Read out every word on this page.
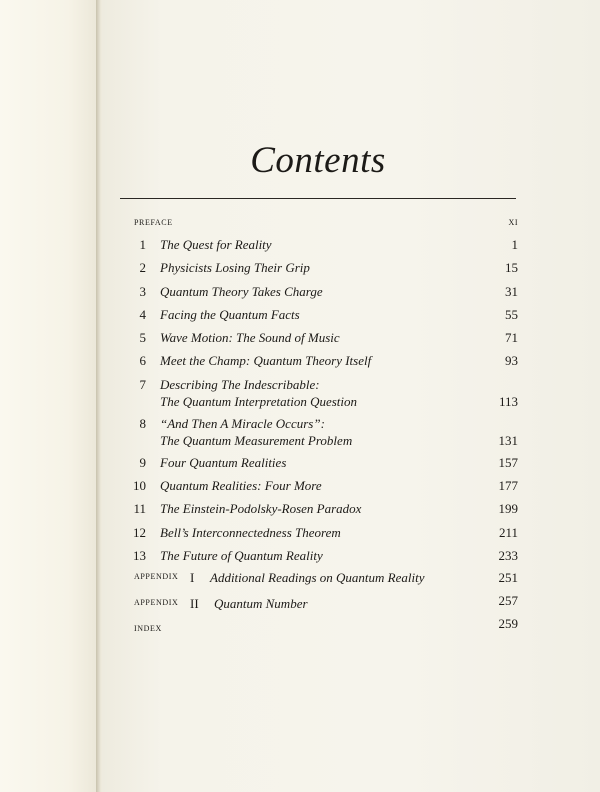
Contents
preface	xi
1 The Quest for Reality	1
2 Physicists Losing Their Grip	15
3 Quantum Theory Takes Charge	31
4 Facing the Quantum Facts	55
5 Wave Motion: The Sound of Music	71
6 Meet the Champ: Quantum Theory Itself	93
7 Describing The Indescribable:
The Quantum Interpretation Question	113
8 “And Then A Miracle Occurs”:
The Quantum Measurement Problem	131
9 Four Quantum Realities	157
10 Quantum Realities: Four More	177
11 The Einstein-Podolsky-Rosen Paradox	199
12 Bell’s Interconnectedness Theorem	211
13 The Future of Quantum Reality	233
appendix I Additional Readings on Quantum Reality	251
appendix II Quantum Number	257
index	259
